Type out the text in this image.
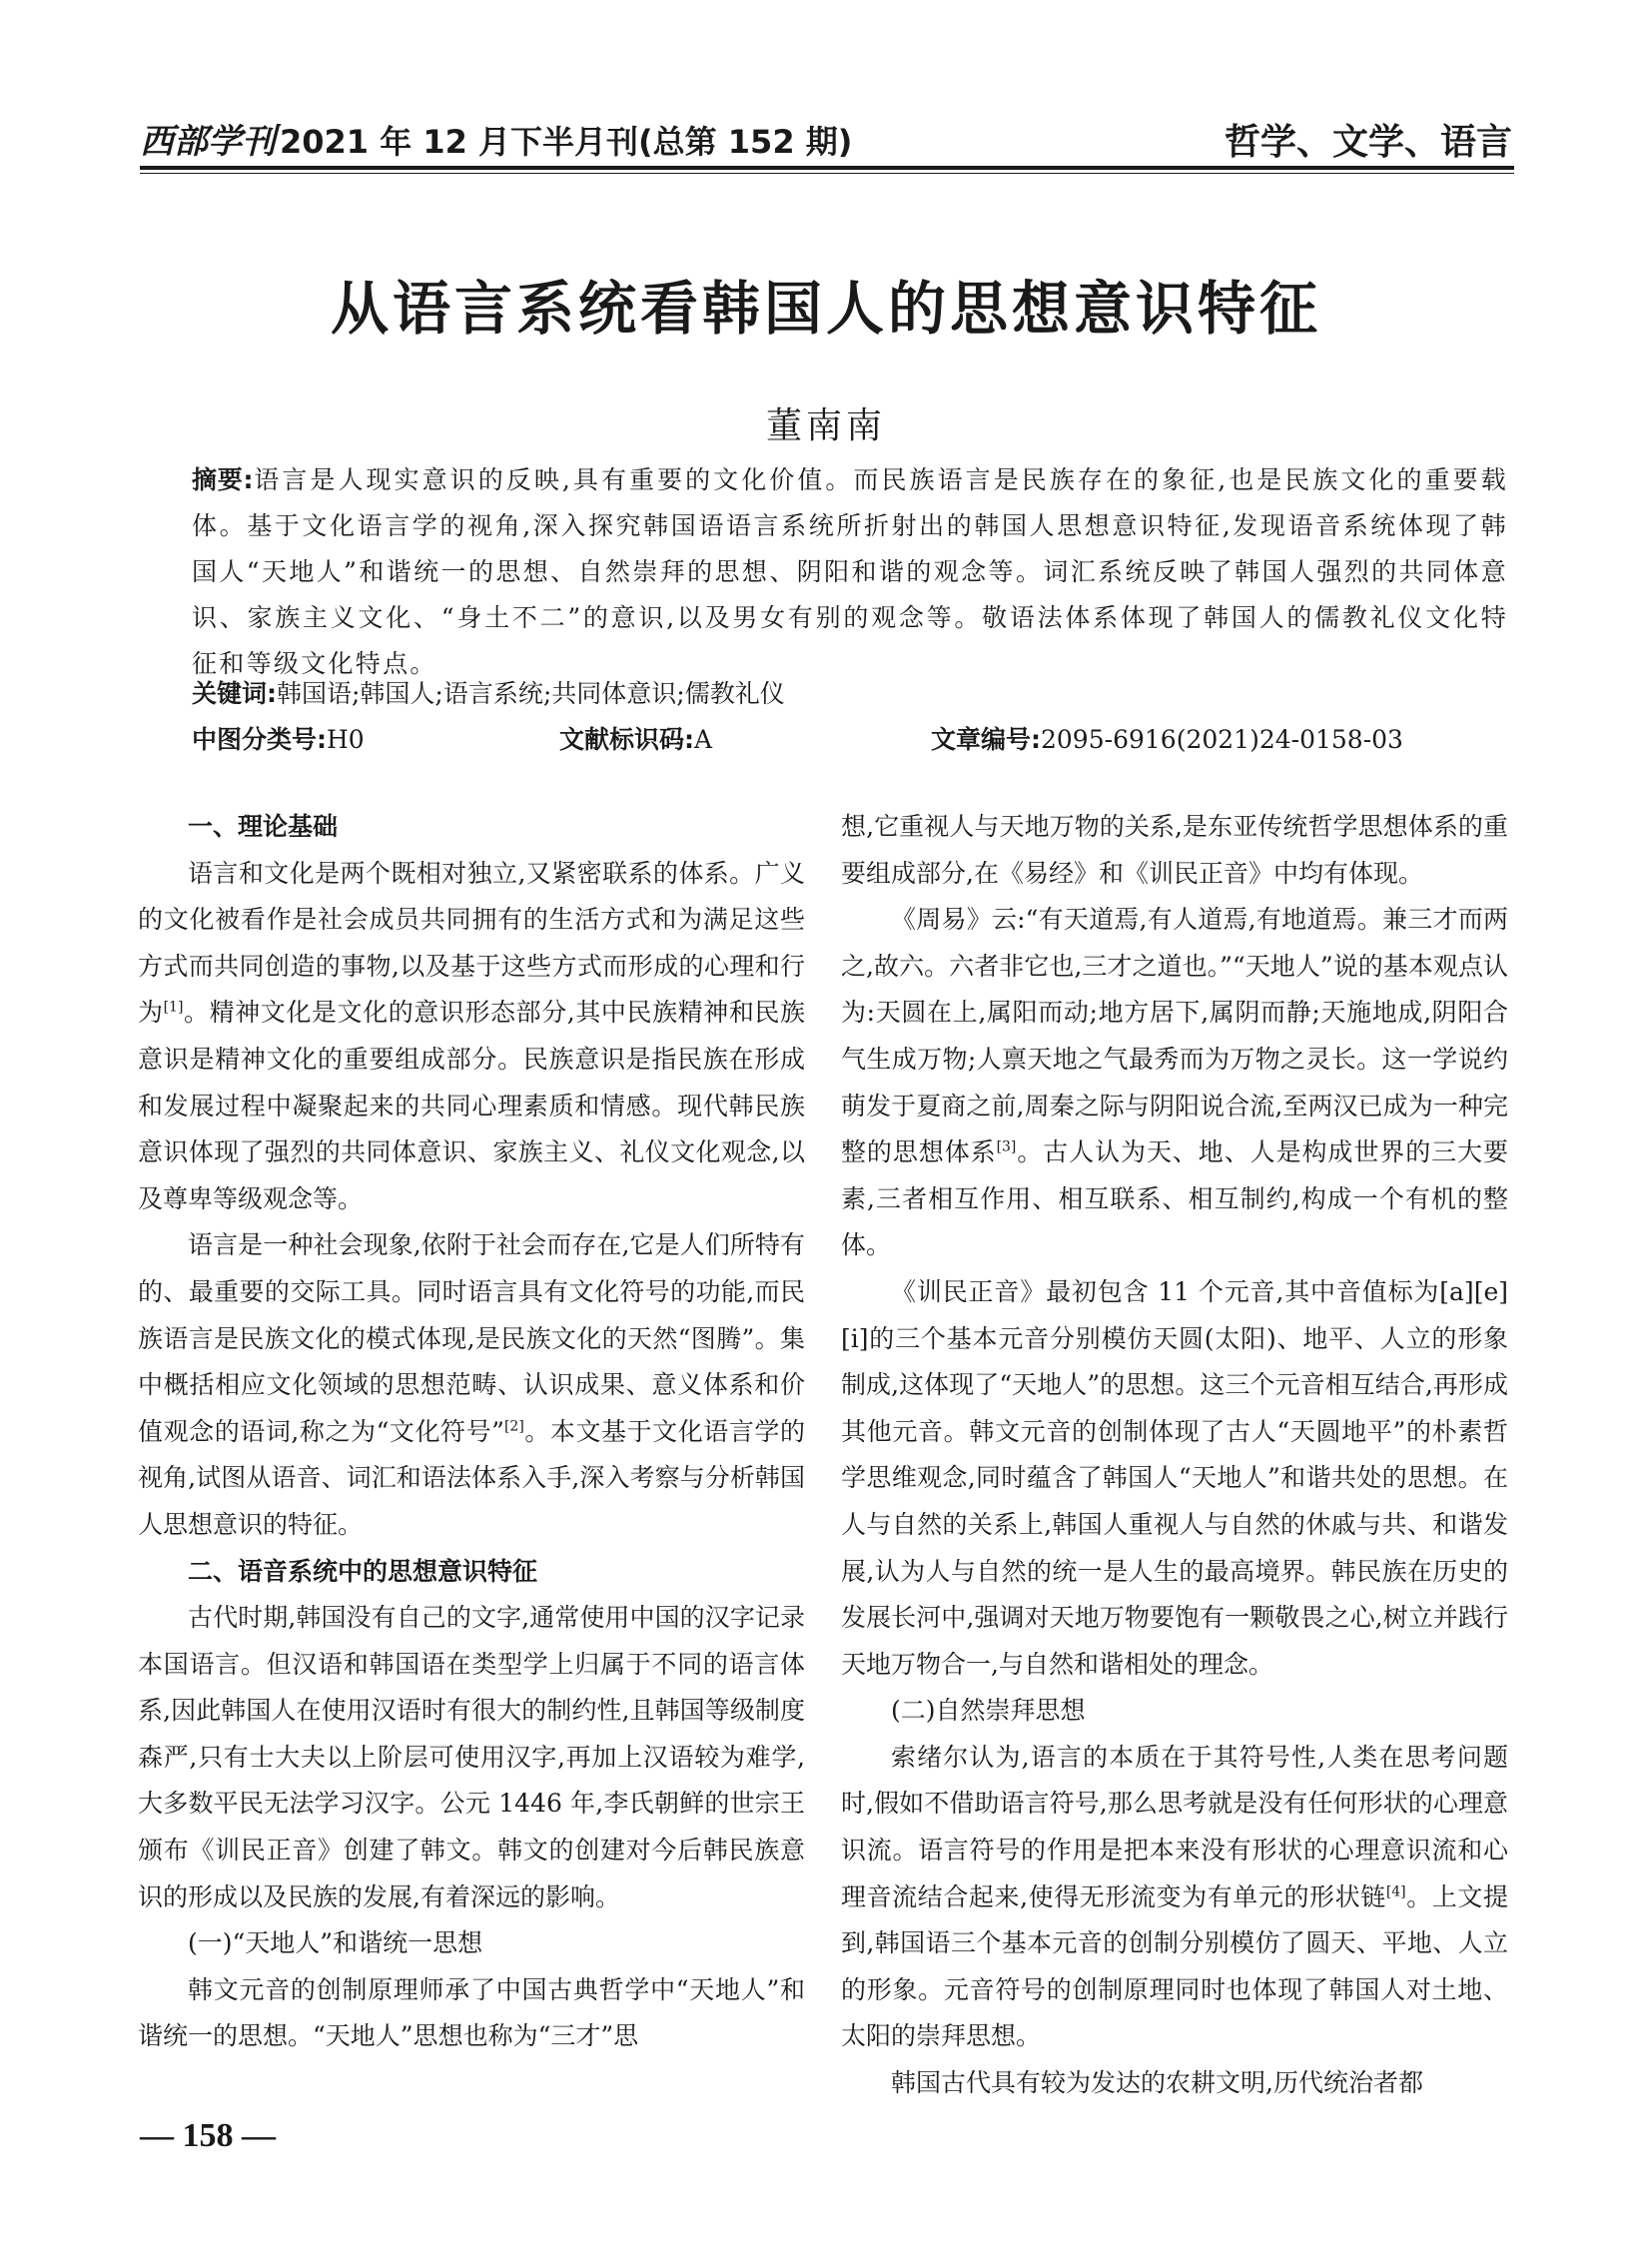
西部学刊 2021 年 12 月下半月刊(总第 152 期)	哲学、文学、语言
从语言系统看韩国人的思想意识特征
董南南
摘要:语言是人现实意识的反映,具有重要的文化价值。而民族语言是民族存在的象征,也是民族文化的重要载体。基于文化语言学的视角,深入探究韩国语语言系统所折射出的韩国人思想意识特征,发现语音系统体现了韩国人“天地人”和谐统一的思想、自然崇拜的思想、阴阳和谐的观念等。词汇系统反映了韩国人强烈的共同体意识、家族主义文化、“身土不二”的意识,以及男女有别的观念等。敬语法体系体现了韩国人的儒教礼仪文化特征和等级文化特点。
关键词:韩国语;韩国人;语言系统;共同体意识;儒教礼仪
中图分类号:H0	文献标识码:A	文章编号:2095-6916(2021)24-0158-03
一、理论基础

语言和文化是两个既相对独立,又紧密联系的体系。广义的文化被看作是社会成员共同拥有的生活方式和为满足这些方式而共同创造的事物,以及基于这些方式而形成的心理和行为[1]。精神文化是文化的意识形态部分,其中民族精神和民族意识是精神文化的重要组成部分。民族意识是指民族在形成和发展过程中凝聚起来的共同心理素质和情感。现代韩民族意识体现了强烈的共同体意识、家族主义、礼仪文化观念,以及尊卑等级观念等。

语言是一种社会现象,依附于社会而存在,它是人们所特有的、最重要的交际工具。同时语言具有文化符号的功能,而民族语言是民族文化的模式体现,是民族文化的天然“图腾”。集中概括相应文化领域的思想范畴、认识成果、意义体系和价值观念的语词,称之为“文化符号”[2]。本文基于文化语言学的视角,试图从语音、词汇和语法体系入手,深入考察与分析韩国人思想意识的特征。

二、语音系统中的思想意识特征

古代时期,韩国没有自己的文字,通常使用中国的汉字记录本国语言。但汉语和韩国语在类型学上归属于不同的语言体系,因此韩国人在使用汉语时有很大的制约性,且韩国等级制度森严,只有士大夫以上阶层可使用汉字,再加上汉语较为难学,大多数平民无法学习汉字。公元 1446 年,李氏朝鲜的世宗王颁布《训民正音》创建了韩文。韩文的创建对今后韩民族意识的形成以及民族的发展,有着深远的影响。

(一)“天地人”和谐统一思想

韩文元音的创制原理师承了中国古典哲学中“天地人”和谐统一的思想。“天地人”思想也称为“三才”思

想,它重视人与天地万物的关系,是东亚传统哲学思想体系的重要组成部分,在《易经》和《训民正音》中均有体现。

《周易》云:“有天道焉,有人道焉,有地道焉。兼三才而两之,故六。六者非它也,三才之道也。”“天地人”说的基本观点认为:天圆在上,属阳而动;地方居下,属阴而静;天施地成,阴阳合气生成万物;人禀天地之气最秀而为万物之灵长。这一学说约萌发于夏商之前,周秦之际与阴阳说合流,至两汉已成为一种完整的思想体系[3]。古人认为天、地、人是构成世界的三大要素,三者相互作用、相互联系、相互制约,构成一个有机的整体。

《训民正音》最初包含 11 个元音,其中音值标为[a][e][i]的三个基本元音分别模仿天圆(太阳)、地平、人立的形象制成,这体现了“天地人”的思想。这三个元音相互结合,再形成其他元音。韩文元音的创制体现了古人“天圆地平”的朴素哲学思维观念,同时蕴含了韩国人“天地人”和谐共处的思想。在人与自然的关系上,韩国人重视人与自然的休戚与共、和谐发展,认为人与自然的统一是人生的最高境界。韩民族在历史的发展长河中,强调对天地万物要饱有一颗敬畏之心,树立并践行天地万物合一,与自然和谐相处的理念。

(二)自然崇拜思想

索绪尔认为,语言的本质在于其符号性,人类在思考问题时,假如不借助语言符号,那么思考就是没有任何形状的心理意识流。语言符号的作用是把本来没有形状的心理意识流和心理音流结合起来,使得无形流变为有单元的形状链[4]。上文提到,韩国语三个基本元音的创制分别模仿了圆天、平地、人立的形象。元音符号的创制原理同时也体现了韩国人对土地、太阳的崇拜思想。

韩国古代具有较为发达的农耕文明,历代统治者都

— 158 —
